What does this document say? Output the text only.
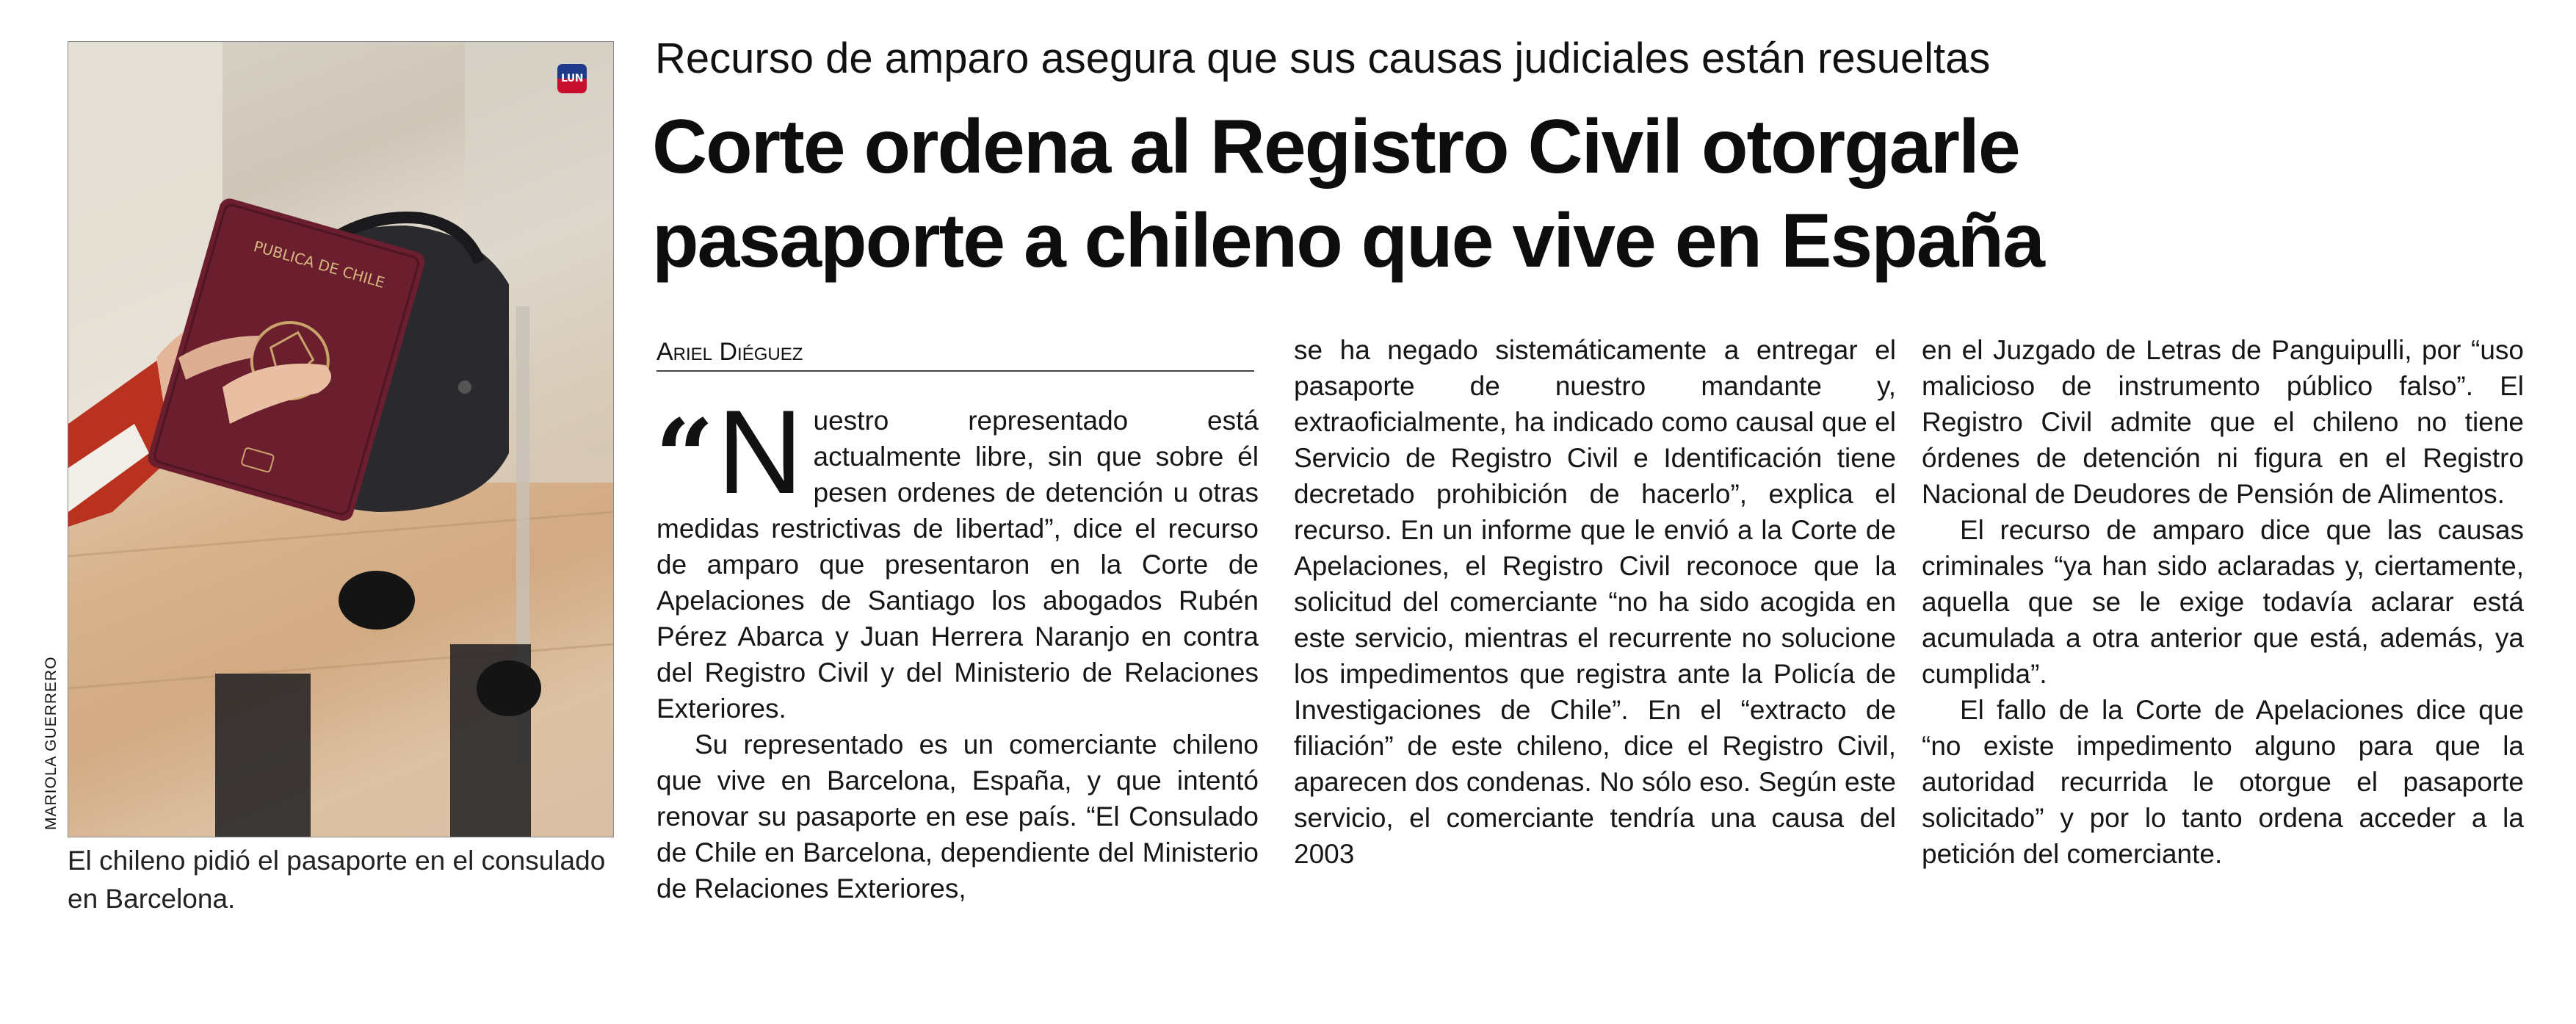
PUBLICA DE CHILE
LUN
MARIOLA GUERRERO
El chileno pidió el pasaporte en el consulado en Barcelona.
Recurso de amparo asegura que sus causas judiciales están resueltas
Corte ordena al Registro Civil otorgarle
pasaporte a chileno que vive en España
Ariel Diéguez

“N uestro representado está actualmente libre, sin que sobre él pesen ordenes de detención u otras medidas restrictivas de libertad”, dice el recurso de amparo que presentaron en la Corte de Apelaciones de Santiago los abogados Rubén Pérez Abarca y Juan Herrera Naranjo en contra del Registro Civil y del Ministerio de Relaciones Exteriores.

Su representado es un comerciante chileno que vive en Barcelona, España, y que intentó renovar su pasaporte en ese país. “El Consulado de Chile en Barcelona, dependiente del Ministerio de Relaciones Exteriores,

se ha negado sistemáticamente a entregar el pasaporte de nuestro mandante y, extraoficialmente, ha indicado como causal que el Servicio de Registro Civil e Identificación tiene decretado prohibición de hacerlo”, explica el recurso. En un informe que le envió a la Corte de Apelaciones, el Registro Civil reconoce que la solicitud del comerciante “no ha sido acogida en este servicio, mientras el recurrente no solucione los impedimentos que registra ante la Policía de Investigaciones de Chile”. En el “extracto de filiación” de este chileno, dice el Registro Civil, aparecen dos condenas. No sólo eso. Según este servicio, el comerciante tendría una causa del 2003

en el Juzgado de Letras de Panguipulli, por “uso malicioso de instrumento público falso”. El Registro Civil admite que el chileno no tiene órdenes de detención ni figura en el Registro Nacional de Deudores de Pensión de Alimentos.

El recurso de amparo dice que las causas criminales “ya han sido aclaradas y, ciertamente, aquella que se le exige todavía aclarar está acumulada a otra anterior que está, además, ya cumplida”.

El fallo de la Corte de Apelaciones dice que “no existe impedimento alguno para que la autoridad recurrida le otorgue el pasaporte solicitado” y por lo tanto ordena acceder a la petición del comerciante.
